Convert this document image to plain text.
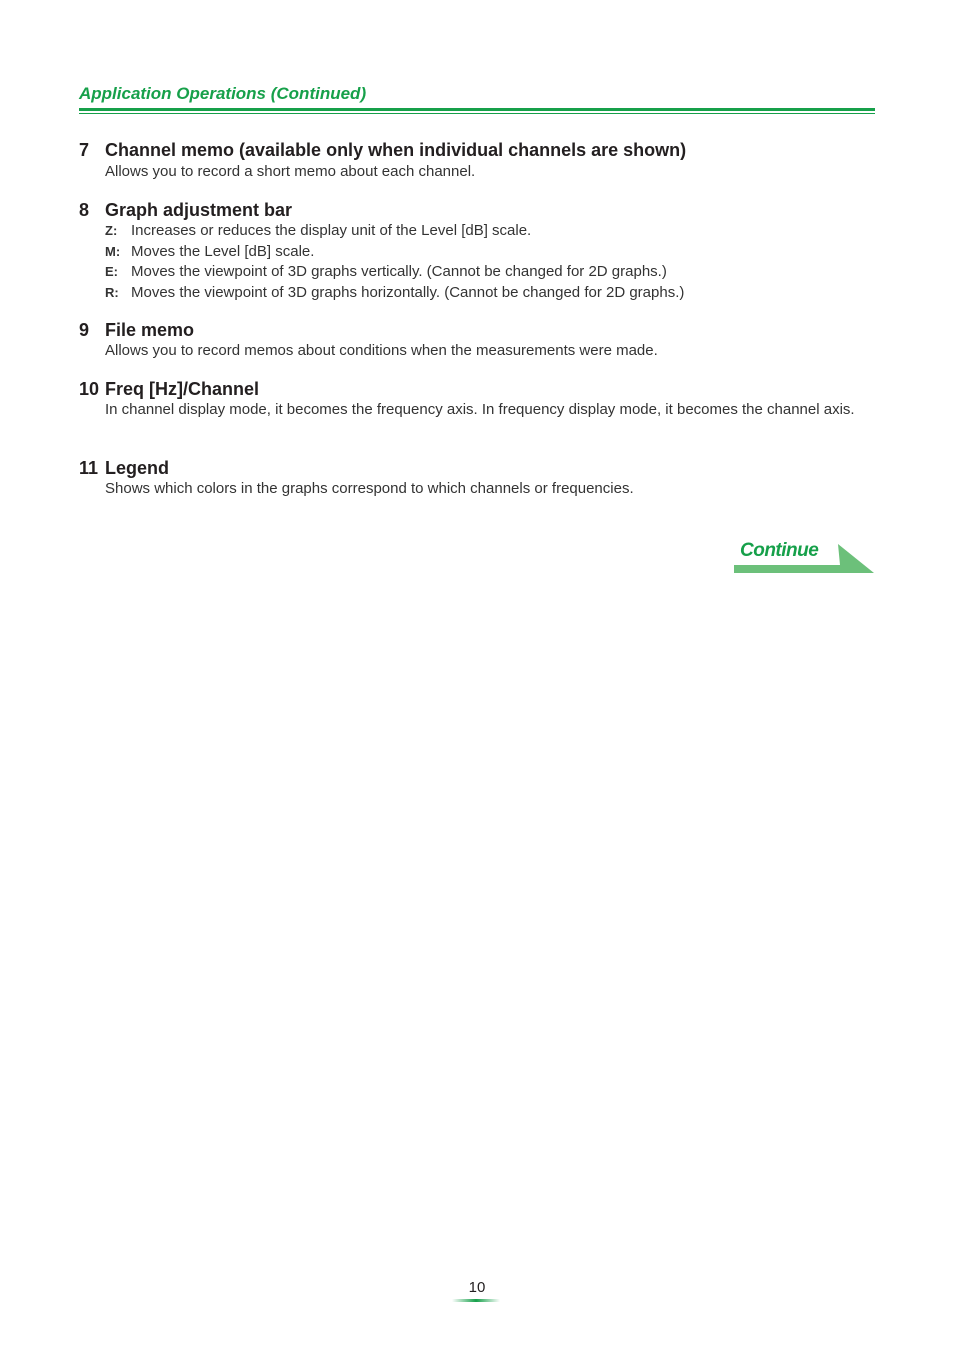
Application Operations (Continued)
7 Channel memo (available only when individual channels are shown)
Allows you to record a short memo about each channel.
8 Graph adjustment bar
Z: Increases or reduces the display unit of the Level [dB] scale.
M: Moves the Level [dB] scale.
E: Moves the viewpoint of 3D graphs vertically. (Cannot be changed for 2D graphs.)
R: Moves the viewpoint of 3D graphs horizontally. (Cannot be changed for 2D graphs.)
9 File memo
Allows you to record memos about conditions when the measurements were made.
10 Freq [Hz]/Channel
In channel display mode, it becomes the frequency axis. In frequency display mode, it becomes the channel axis.
11 Legend
Shows which colors in the graphs correspond to which channels or frequencies.
Continue
10
